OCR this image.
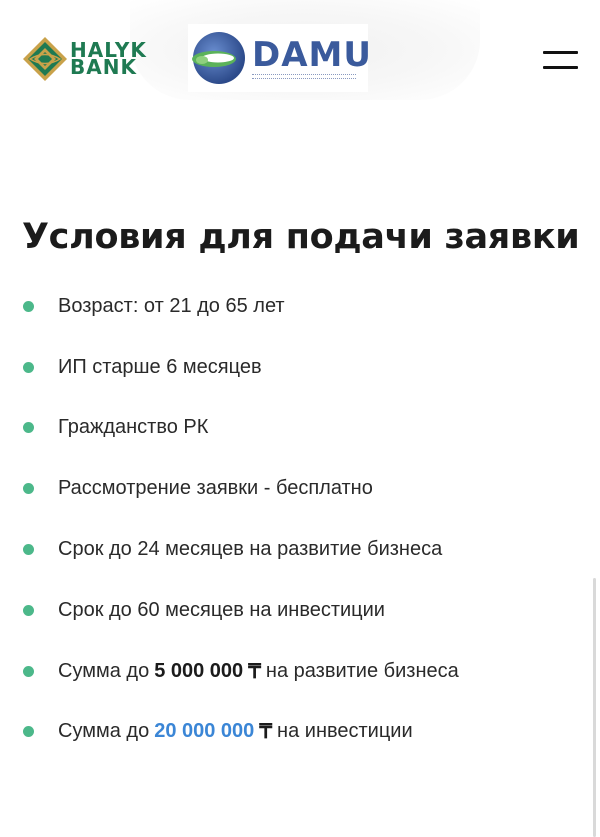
HALYK
BANK	DAMU
Условия для подачи заявки
Возраст: от 21 до 65 лет
ИП старше 6 месяцев
Гражданство РК
Рассмотрение заявки - бесплатно
Срок до 24 месяцев на развитие бизнеса
Срок до 60 месяцев на инвестиции
Сумма до 5 000 000 ₸ на развитие бизнеса
Сумма до 20 000 000 ₸ на инвестиции
